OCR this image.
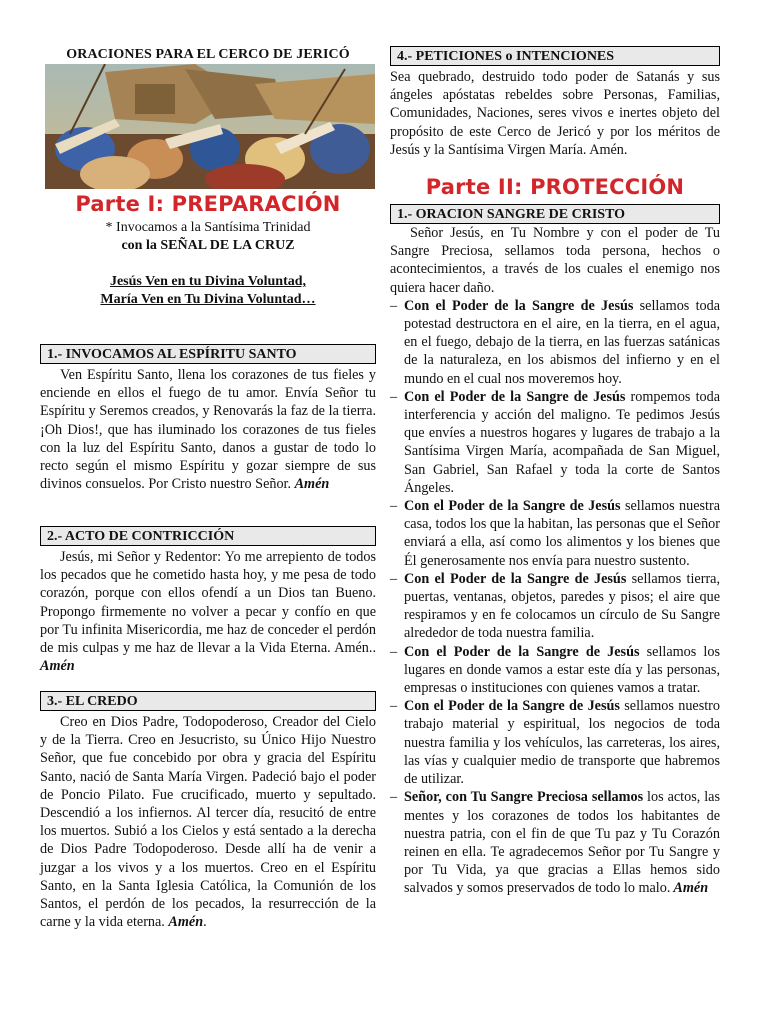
ORACIONES PARA EL CERCO DE JERICÓ
Parte I: PREPARACIÓN
* Invocamos a la Santísima Trinidad
con la SEÑAL DE LA CRUZ
Jesús Ven en tu Divina Voluntad,
María Ven en Tu Divina Voluntad…
1.- INVOCAMOS AL ESPÍRITU SANTO

Ven Espíritu Santo, llena los corazones de tus fieles y enciende en ellos el fuego de tu amor. Envía Señor tu Espíritu y Seremos creados, y Renovarás la faz de la tierra. ¡Oh Dios!, que has iluminado los corazones de tus fieles con la luz del Espíritu Santo, danos a gustar de todo lo recto según el mismo Espíritu y gozar siempre de sus divinos consuelos. Por Cristo nuestro Señor. Amén

2.- ACTO DE CONTRICCIÓN

Jesús, mi Señor y Redentor: Yo me arrepiento de todos los pecados que he cometido hasta hoy, y me pesa de todo corazón, porque con ellos ofendí a un Dios tan Bueno. Propongo firmemente no volver a pecar y confío en que por Tu infinita Misericordia, me haz de conceder el perdón de mis culpas y me haz de llevar a la Vida Eterna. Amén.. Amén

3.- EL CREDO

Creo en Dios Padre, Todopoderoso, Creador del Cielo y de la Tierra. Creo en Jesucristo, su Único Hijo Nuestro Señor, que fue concebido por obra y gracia del Espíritu Santo, nació de Santa María Virgen. Padeció bajo el poder de Poncio Pilato. Fue crucificado, muerto y sepultado. Descendió a los infiernos. Al tercer día, resucitó de entre los muertos. Subió a los Cielos y está sentado a la derecha de Dios Padre Todopoderoso. Desde allí ha de venir a juzgar a los vivos y a los muertos. Creo en el Espíritu Santo, en la Santa Iglesia Católica, la Comunión de los Santos, el perdón de los pecados, la resurrección de la carne y la vida eterna. Amén.

4.- PETICIONES o INTENCIONES

Sea quebrado, destruido todo poder de Satanás y sus ángeles apóstatas rebeldes sobre Personas, Familias, Comunidades, Naciones, seres vivos e inertes objeto del propósito de este Cerco de Jericó y por los méritos de Jesús y la Santísima Virgen María. Amén.

Parte II: PROTECCIÓN
1.- ORACION SANGRE DE CRISTO

Señor Jesús, en Tu Nombre y con el poder de Tu Sangre Preciosa, sellamos toda persona, hechos o acontecimientos, a través de los cuales el enemigo nos quiera hacer daño.

– Con el Poder de la Sangre de Jesús sellamos toda potestad destructora en el aire, en la tierra, en el agua, en el fuego, debajo de la tierra, en las fuerzas satánicas de la naturaleza, en los abismos del infierno y en el mundo en el cual nos moveremos hoy.
– Con el Poder de la Sangre de Jesús rompemos toda interferencia y acción del maligno. Te pedimos Jesús que envíes a nuestros hogares y lugares de trabajo a la Santísima Virgen María, acompañada de San Miguel, San Gabriel, San Rafael y toda la corte de Santos Ángeles.
– Con el Poder de la Sangre de Jesús sellamos nuestra casa, todos los que la habitan, las personas que el Señor enviará a ella, así como los alimentos y los bienes que Él generosamente nos envía para nuestro sustento.
– Con el Poder de la Sangre de Jesús sellamos tierra, puertas, ventanas, objetos, paredes y pisos; el aire que respiramos y en fe colocamos un círculo de Su Sangre alrededor de toda nuestra familia.
– Con el Poder de la Sangre de Jesús sellamos los lugares en donde vamos a estar este día y las personas, empresas o instituciones con quienes vamos a tratar.
– Con el Poder de la Sangre de Jesús sellamos nuestro trabajo material y espiritual, los negocios de toda nuestra familia y los vehículos, las carreteras, los aires, las vías y cualquier medio de transporte que habremos de utilizar.
– Señor, con Tu Sangre Preciosa sellamos los actos, las mentes y los corazones de todos los habitantes de nuestra patria, con el fin de que Tu paz y Tu Corazón reinen en ella. Te agradecemos Señor por Tu Sangre y por Tu Vida, ya que gracias a Ellas hemos sido salvados y somos preservados de todo lo malo. Amén
